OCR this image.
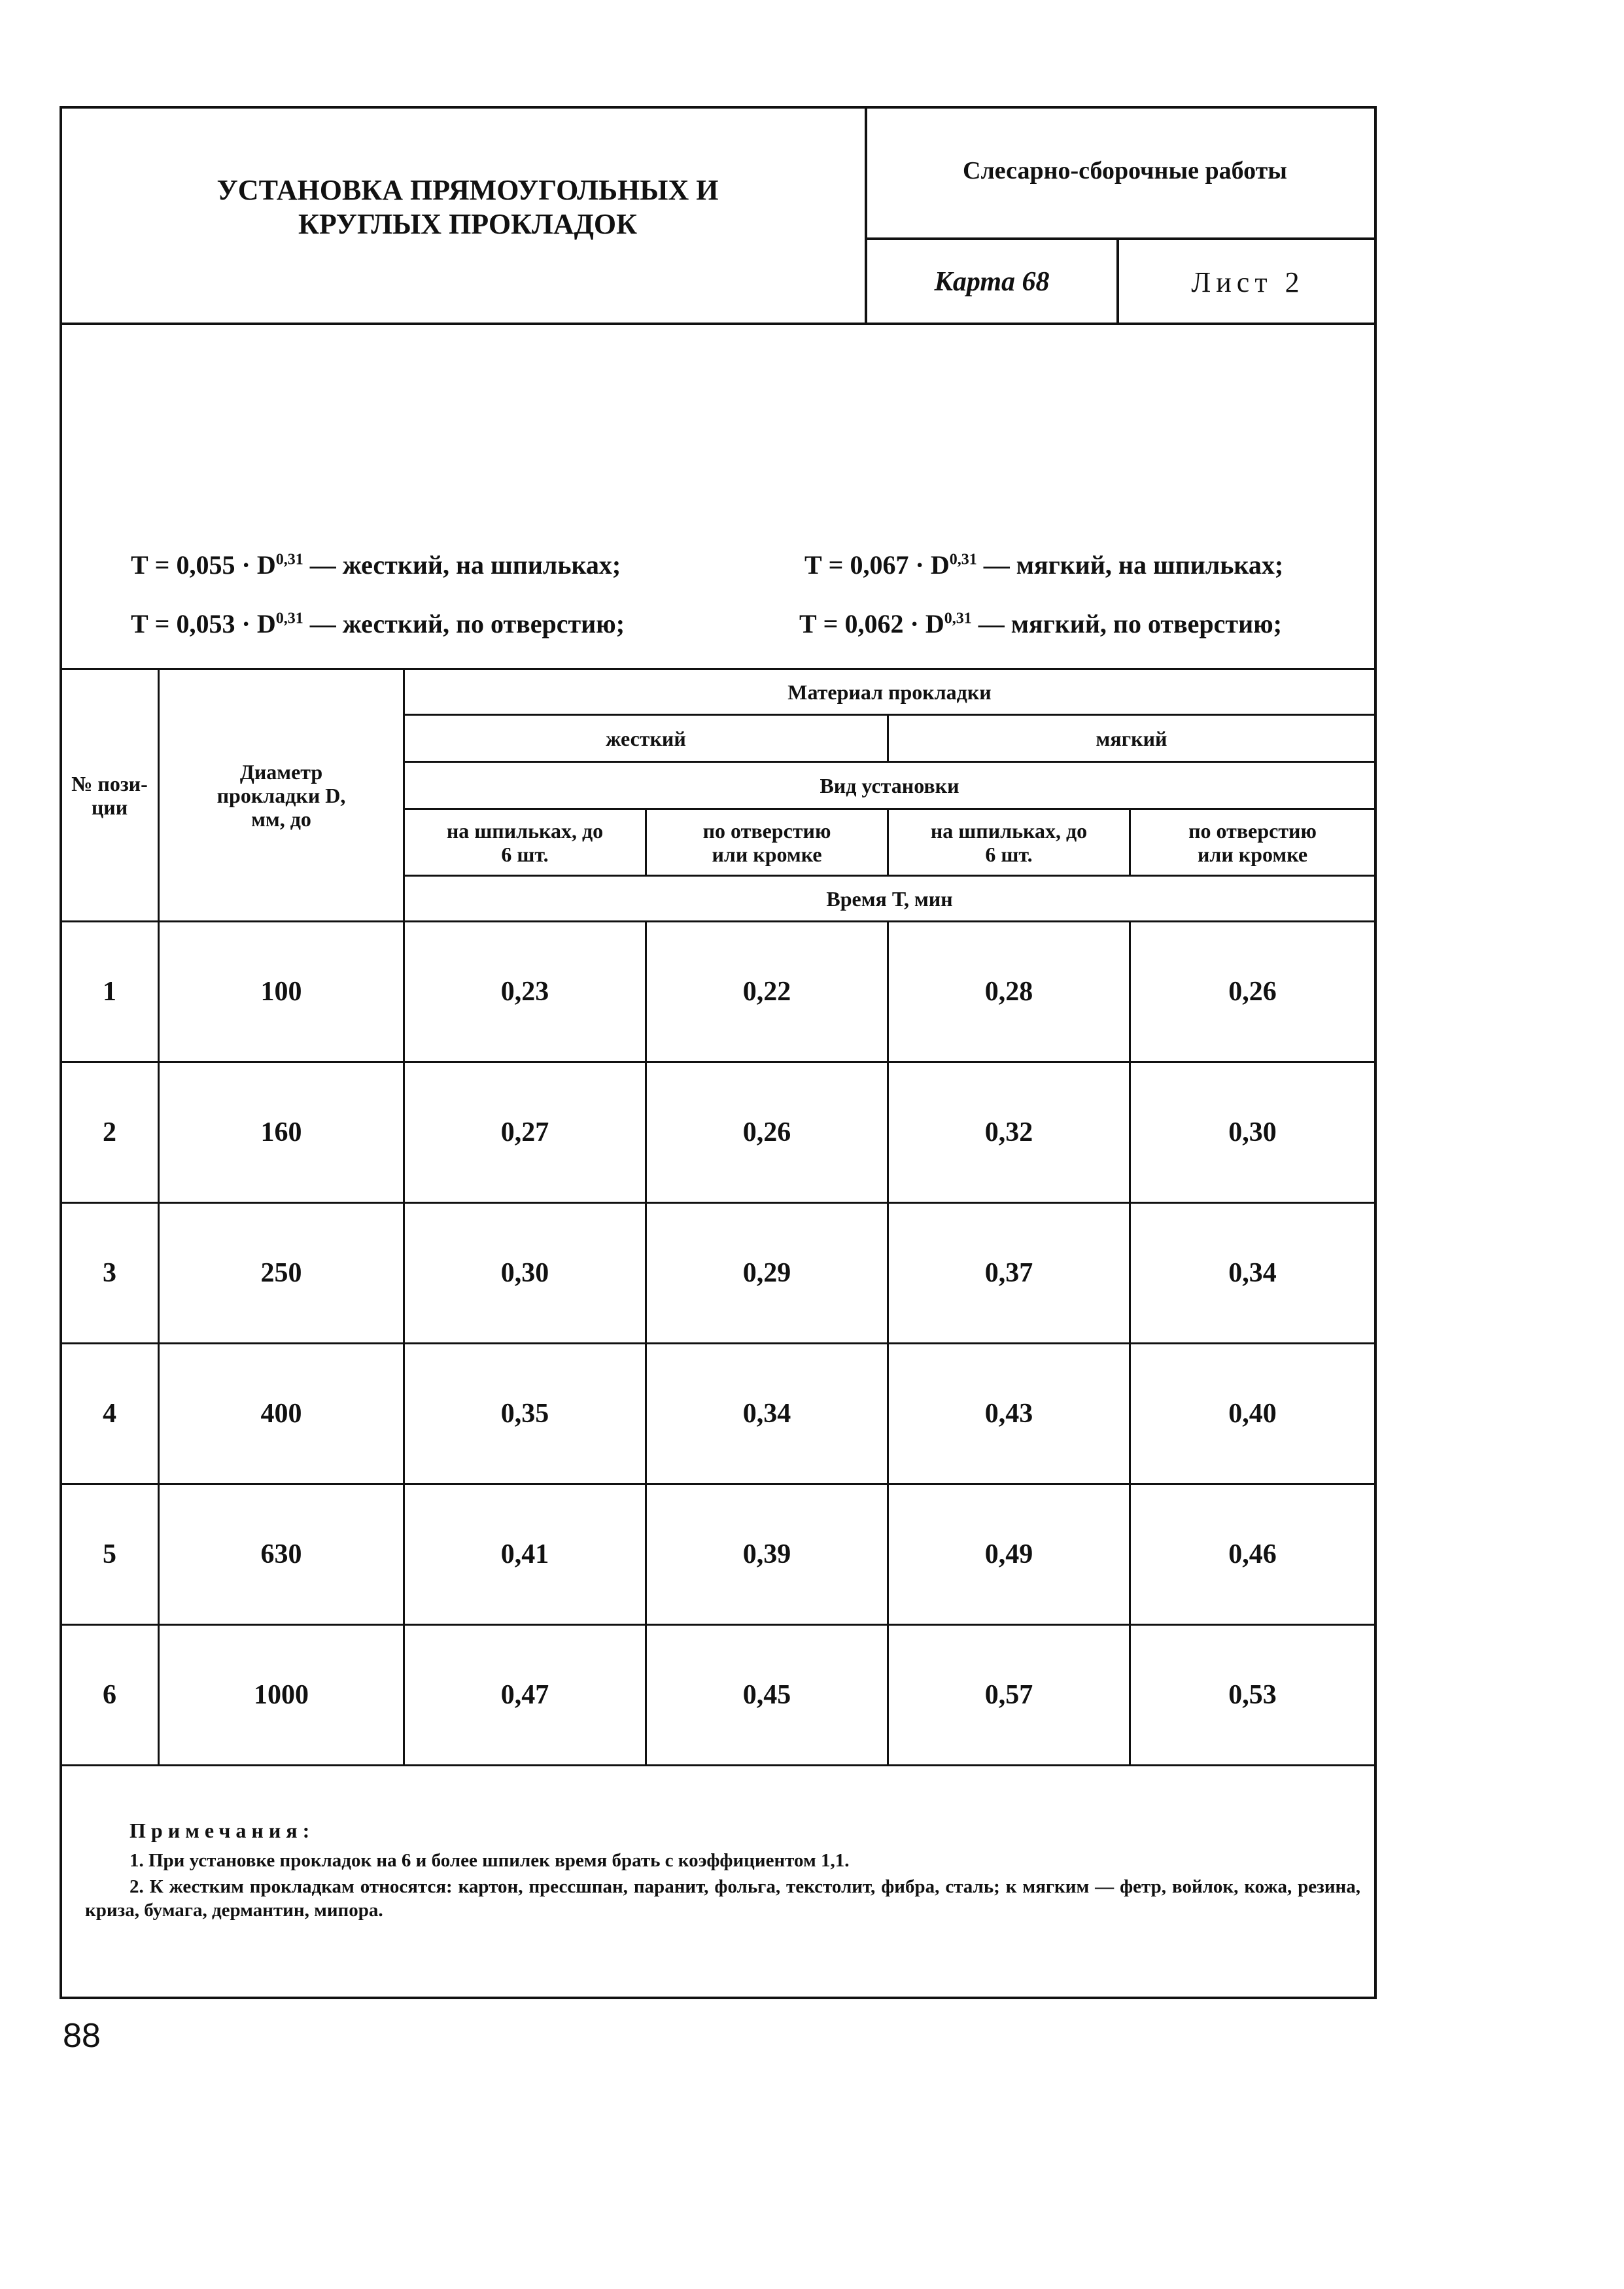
УСТАНОВКА ПРЯМОУГОЛЬНЫХ И КРУГЛЫХ ПРОКЛАДОК
Слесарно-сборочные работы
Карта 68	Лист 2
Т = 0,055 · D$^{0,31}$ — жесткий, на шпильках;	Т = 0,067 · D$^{0,31}$ — мягкий, на шпильках;
Т = 0,053 · D$^{0,31}$ — жесткий, по отверстию;	Т = 0,062 · D$^{0,31}$ — мягкий, по отверстию;
№ пози- ции	Диаметр прокладки D, мм, до	Материал прокладки			
		жесткий		мягкий	
		Вид установки			
		на шпильках, до 6 шт.	по отверстию или кромке	на шпильках, до 6 шт.	по отверстию или кромке
		Время Т, мин			
1	100	0,23	0,22	0,28	0,26
2	160	0,27	0,26	0,32	0,30
3	250	0,30	0,29	0,37	0,34
4	400	0,35	0,34	0,43	0,40
5	630	0,41	0,39	0,49	0,46
6	1000	0,47	0,45	0,57	0,53
Примечания:
1. При установке прокладок на 6 и более шпилек время брать с коэффициентом 1,1.
2. К жестким прокладкам относятся: картон, прессшпан, паранит, фольга, текстолит, фибра, сталь; к мягким — фетр, войлок, кожа, резина, криза, бумага, дермантин, мипора.
88
